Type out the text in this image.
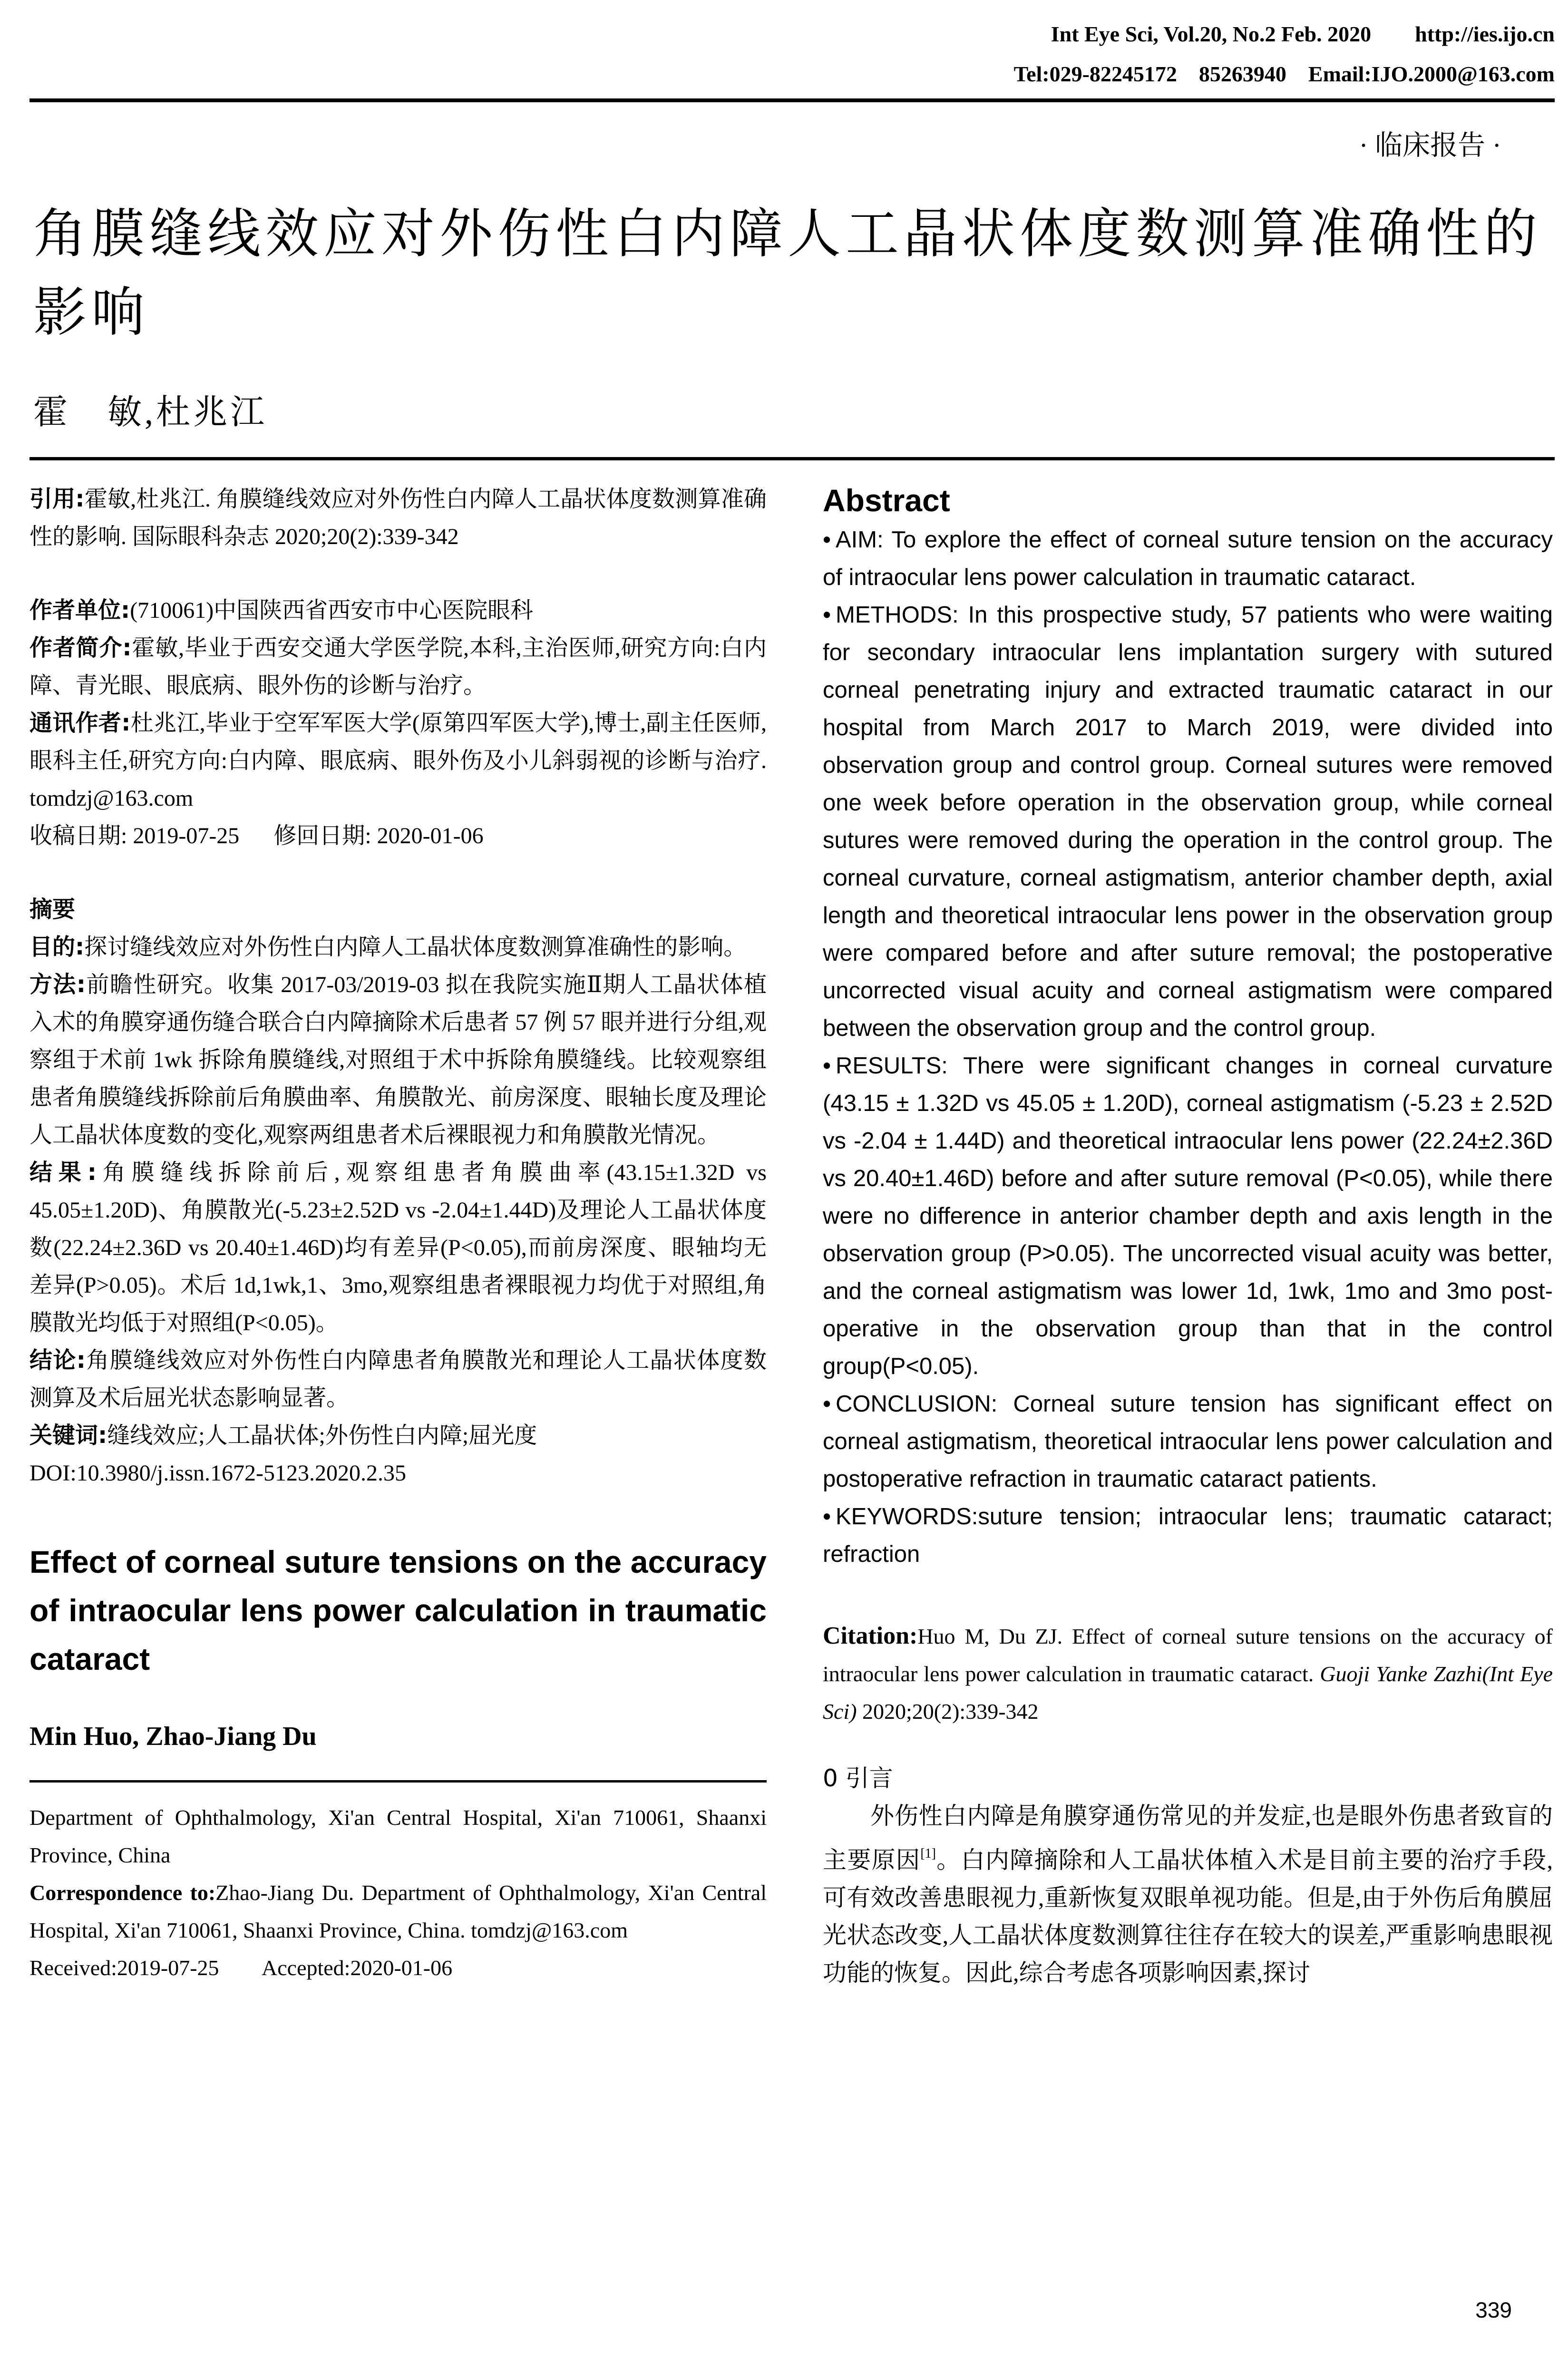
Int Eye Sci, Vol.20, No.2 Feb. 2020        http://ies.ijo.cn
Tel:029-82245172    85263940    Email:IJO.2000@163.com
· 临床报告 ·
角膜缝线效应对外伤性白内障人工晶状体度数测算准确性的影响
霍　敏,杜兆江

引用:霍敏,杜兆江. 角膜缝线效应对外伤性白内障人工晶状体度数测算准确性的影响. 国际眼科杂志 2020;20(2):339-342

作者单位:(710061)中国陕西省西安市中心医院眼科

作者简介:霍敏,毕业于西安交通大学医学院,本科,主治医师,研究方向:白内障、青光眼、眼底病、眼外伤的诊断与治疗。

通讯作者:杜兆江,毕业于空军军医大学(原第四军医大学),博士,副主任医师,眼科主任,研究方向:白内障、眼底病、眼外伤及小儿斜弱视的诊断与治疗. tomdzj@163.com

收稿日期: 2019-07-25 修回日期: 2020-01-06

摘要

目的:探讨缝线效应对外伤性白内障人工晶状体度数测算准确性的影响。

方法:前瞻性研究。收集 2017-03/2019-03 拟在我院实施Ⅱ期人工晶状体植入术的角膜穿通伤缝合联合白内障摘除术后患者 57 例 57 眼并进行分组,观察组于术前 1wk 拆除角膜缝线,对照组于术中拆除角膜缝线。比较观察组患者角膜缝线拆除前后角膜曲率、角膜散光、前房深度、眼轴长度及理论人工晶状体度数的变化,观察两组患者术后裸眼视力和角膜散光情况。

结果:角膜缝线拆除前后,观察组患者角膜曲率(43.15±1.32D vs 45.05±1.20D)、角膜散光(-5.23±2.52D vs -2.04±1.44D)及理论人工晶状体度数(22.24±2.36D vs 20.40±1.46D)均有差异(P<0.05),而前房深度、眼轴均无差异(P>0.05)。术后 1d,1wk,1、3mo,观察组患者裸眼视力均优于对照组,角膜散光均低于对照组(P<0.05)。

结论:角膜缝线效应对外伤性白内障患者角膜散光和理论人工晶状体度数测算及术后屈光状态影响显著。

关键词:缝线效应;人工晶状体;外伤性白内障;屈光度

DOI:10.3980/j.issn.1672-5123.2020.2.35

Effect of corneal suture tensions on the accuracy of intraocular lens power calculation in traumatic cataract
Min Huo, Zhao-Jiang Du

Department of Ophthalmology, Xi'an Central Hospital, Xi'an 710061, Shaanxi Province, China

Correspondence to:Zhao-Jiang Du. Department of Ophthalmology, Xi'an Central Hospital, Xi'an 710061, Shaanxi Province, China. tomdzj@163.com

Received:2019-07-25 Accepted:2020-01-06

Abstract

• AIM: To explore the effect of corneal suture tension on the accuracy of intraocular lens power calculation in traumatic cataract.

• METHODS: In this prospective study, 57 patients who were waiting for secondary intraocular lens implantation surgery with sutured corneal penetrating injury and extracted traumatic cataract in our hospital from March 2017 to March 2019, were divided into observation group and control group. Corneal sutures were removed one week before operation in the observation group, while corneal sutures were removed during the operation in the control group. The corneal curvature, corneal astigmatism, anterior chamber depth, axial length and theoretical intraocular lens power in the observation group were compared before and after suture removal; the postoperative uncorrected visual acuity and corneal astigmatism were compared between the observation group and the control group.

• RESULTS: There were significant changes in corneal curvature (43.15 ± 1.32D vs 45.05 ± 1.20D), corneal astigmatism (-5.23 ± 2.52D vs -2.04 ± 1.44D) and theoretical intraocular lens power (22.24±2.36D vs 20.40±1.46D) before and after suture removal (P<0.05), while there were no difference in anterior chamber depth and axis length in the observation group (P>0.05). The uncorrected visual acuity was better, and the corneal astigmatism was lower 1d, 1wk, 1mo and 3mo post-operative in the observation group than that in the control group(P<0.05).

• CONCLUSION: Corneal suture tension has significant effect on corneal astigmatism, theoretical intraocular lens power calculation and postoperative refraction in traumatic cataract patients.

• KEYWORDS:suture tension; intraocular lens; traumatic cataract; refraction

Citation:Huo M, Du ZJ. Effect of corneal suture tensions on the accuracy of intraocular lens power calculation in traumatic cataract. Guoji Yanke Zazhi(Int Eye Sci) 2020;20(2):339-342

0 引言

外伤性白内障是角膜穿通伤常见的并发症,也是眼外伤患者致盲的主要原因[1]。白内障摘除和人工晶状体植入术是目前主要的治疗手段,可有效改善患眼视力,重新恢复双眼单视功能。但是,由于外伤后角膜屈光状态改变,人工晶状体度数测算往往存在较大的误差,严重影响患眼视功能的恢复。因此,综合考虑各项影响因素,探讨

339
